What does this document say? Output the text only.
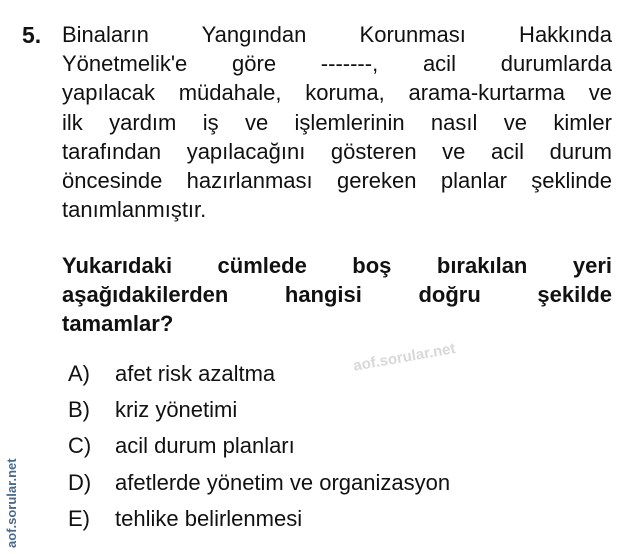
5. Binaların Yangından Korunması Hakkında
Yönetmelik'e göre -------, acil durumlarda
yapılacak müdahale, koruma, arama-kurtarma ve
ilk yardım iş ve işlemlerinin nasıl ve kimler
tarafından yapılacağını gösteren ve acil durum
öncesinde hazırlanması gereken planlar şeklinde
tanımlanmıştır.
Yukarıdaki cümlede boş bırakılan yeri
aşağıdakilerden hangisi doğru şekilde
tamamlar?
aof.sorular.net
A) afet risk azaltma
B) kriz yönetimi
C) acil durum planları
D) afetlerde yönetim ve organizasyon
E) tehlike belirlenmesi
aof.sorular.net
